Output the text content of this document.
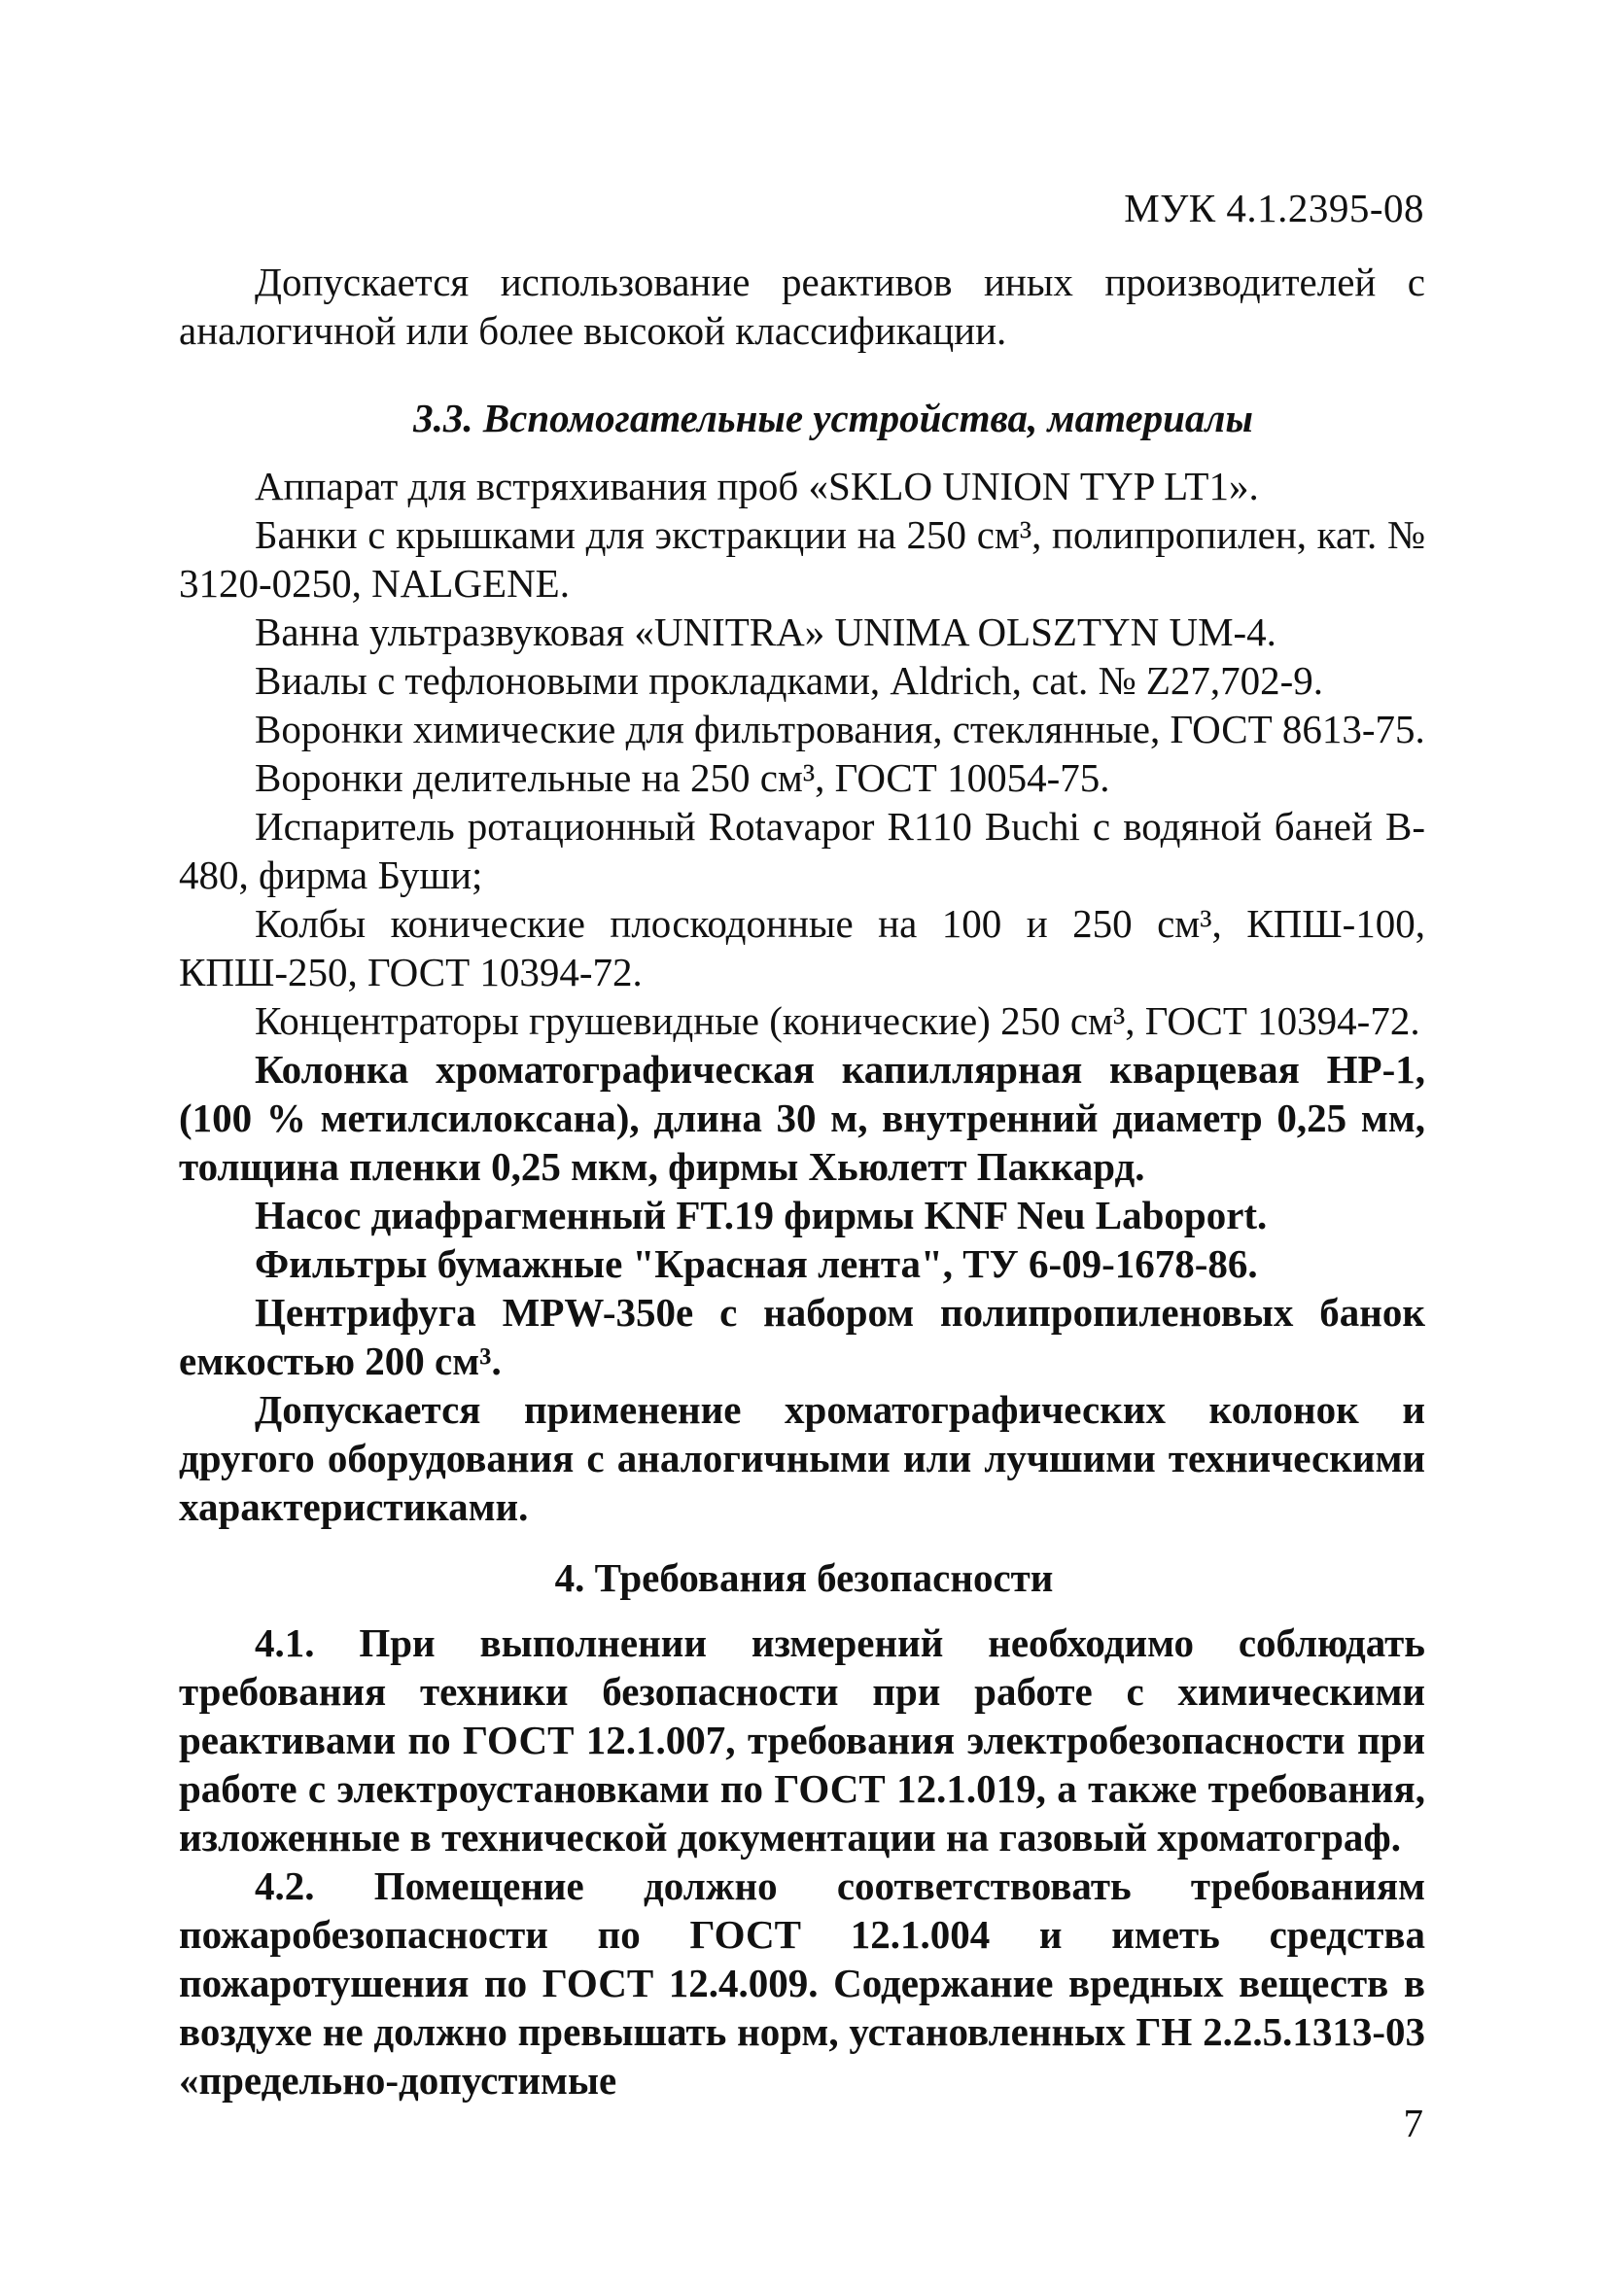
МУК 4.1.2395-08

Допускается использование реактивов иных производителей с аналогичной или более высокой классификации.

3.3. Вспомогательные устройства, материалы

Аппарат для встряхивания проб «SKLO UNION TYP LT1».

Банки с крышками для экстракции на 250 см³, полипропилен, кат. № 3120-0250, NALGENE.

Ванна ультразвуковая «UNITRA» UNIMA OLSZTYN UM-4.

Виалы с тефлоновыми прокладками, Aldrich, cat. № Z27,702-9.

Воронки химические для фильтрования, стеклянные, ГОСТ 8613-75.

Воронки делительные на 250 см³, ГОСТ 10054-75.

Испаритель ротационный Rotavapor R110 Buchi с водяной баней B-480, фирма Буши;

Колбы конические плоскодонные на 100 и 250 см³, КПШ-100, КПШ-250, ГОСТ 10394-72.

Концентраторы грушевидные (конические) 250 см³, ГОСТ 10394-72.

Колонка хроматографическая капиллярная кварцевая HP-1, (100 % метилсилоксана), длина 30 м, внутренний диаметр 0,25 мм, толщина пленки 0,25 мкм, фирмы Хьюлетт Паккард.

Насос диафрагменный FT.19 фирмы KNF Neu Laboport.

Фильтры бумажные "Красная лента", ТУ 6-09-1678-86.

Центрифуга MPW-350e с набором полипропиленовых банок емкостью 200 см³.

Допускается применение хроматографических колонок и другого оборудования с аналогичными или лучшими техническими характеристиками.

4. Требования безопасности

4.1. При выполнении измерений необходимо соблюдать требования техники безопасности при работе с химическими реактивами по ГОСТ 12.1.007, требования электробезопасности при работе с электроустановками по ГОСТ 12.1.019, а также требования, изложенные в технической документации на газовый хроматограф.

4.2. Помещение должно соответствовать требованиям пожаробезопасности по ГОСТ 12.1.004 и иметь средства пожаротушения по ГОСТ 12.4.009. Содержание вредных веществ в воздухе не должно превышать норм, установленных ГН 2.2.5.1313-03 «предельно-допустимые

7
